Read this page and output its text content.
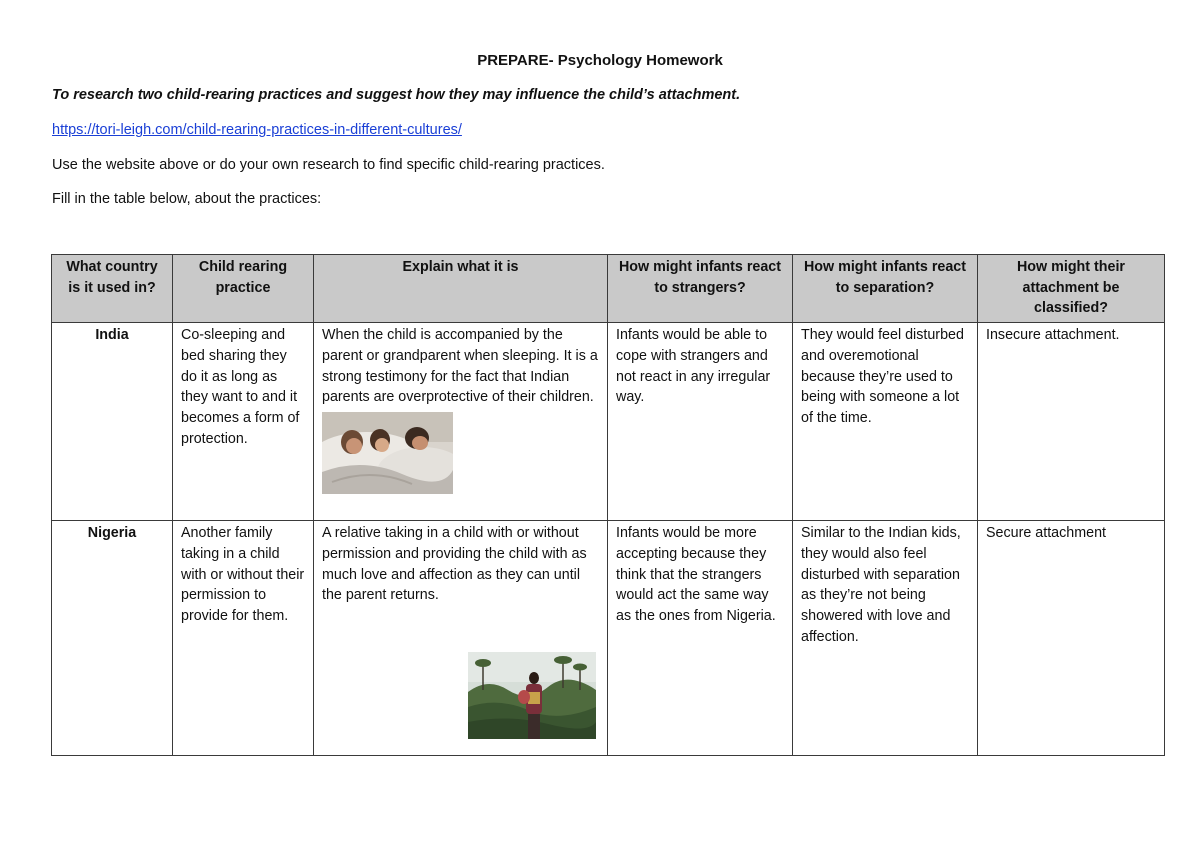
PREPARE- Psychology Homework
To research two child-rearing practices and suggest how they may influence the child’s attachment.
https://tori-leigh.com/child-rearing-practices-in-different-cultures/
Use the website above or do your own research to find specific child-rearing practices.
Fill in the table below, about the practices:
What country is it used in?	Child rearing practice	Explain what it is	How might infants react to strangers?	How might infants react to separation?	How might their attachment be classified?
India	Co-sleeping and bed sharing they do it as long as they want to and it becomes a form of protection.	When the child is accompanied by the parent or grandparent when sleeping. It is a strong testimony for the fact that Indian parents are overprotective of their children.	Infants would be able to cope with strangers and not react in any irregular way.	They would feel disturbed and overemotional because they’re used to being with someone a lot of the time.	Insecure attachment.
Nigeria	Another family taking in a child with or without their permission to provide for them.	A relative taking in a child with or without permission and providing the child with as much love and affection as they can until the parent returns.	Infants would be more accepting because they think that the strangers would act the same way as the ones from Nigeria.	Similar to the Indian kids, they would also feel disturbed with separation as they’re not being showered with love and affection.	Secure attachment
